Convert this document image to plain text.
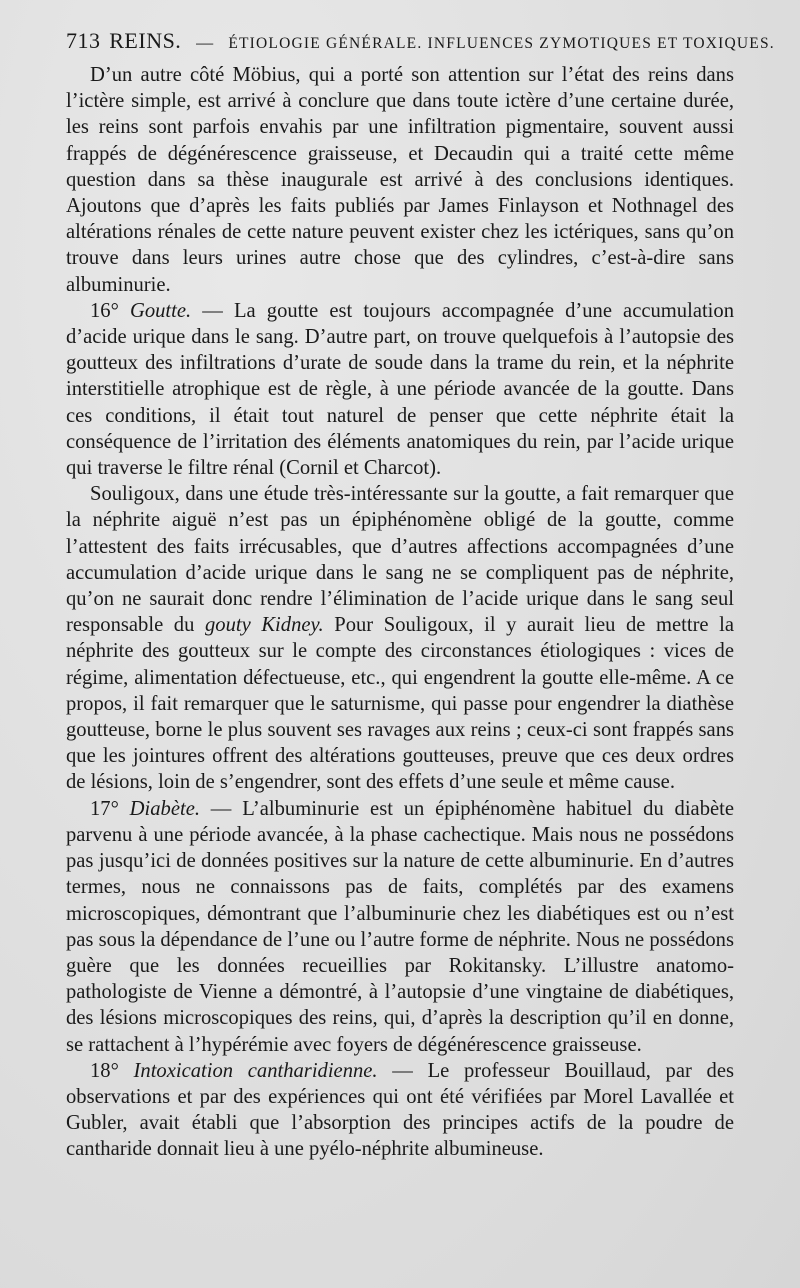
713 REINS. — ÉTIOLOGIE GÉNÉRALE. INFLUENCES ZYMOTIQUES ET TOXIQUES.

D’un autre côté Möbius, qui a porté son attention sur l’état des reins dans l’ictère simple, est arrivé à conclure que dans toute ictère d’une certaine durée, les reins sont parfois envahis par une infiltration pigmentaire, souvent aussi frappés de dégénérescence graisseuse, et Decaudin qui a traité cette même question dans sa thèse inaugurale est arrivé à des conclusions identiques. Ajoutons que d’après les faits publiés par James Finlayson et Nothnagel des altérations rénales de cette nature peuvent exister chez les ictériques, sans qu’on trouve dans leurs urines autre chose que des cylindres, c’est-à-dire sans albuminurie.

16° Goutte. — La goutte est toujours accompagnée d’une accumulation d’acide urique dans le sang. D’autre part, on trouve quelquefois à l’autopsie des goutteux des infiltrations d’urate de soude dans la trame du rein, et la néphrite interstitielle atrophique est de règle, à une période avancée de la goutte. Dans ces conditions, il était tout naturel de penser que cette néphrite était la conséquence de l’irritation des éléments anatomiques du rein, par l’acide urique qui traverse le filtre rénal (Cornil et Charcot).

Souligoux, dans une étude très-intéressante sur la goutte, a fait remarquer que la néphrite aiguë n’est pas un épiphénomène obligé de la goutte, comme l’attestent des faits irrécusables, que d’autres affections accompagnées d’une accumulation d’acide urique dans le sang ne se compliquent pas de néphrite, qu’on ne saurait donc rendre l’élimination de l’acide urique dans le sang seul responsable du gouty Kidney. Pour Souligoux, il y aurait lieu de mettre la néphrite des goutteux sur le compte des circonstances étiologiques : vices de régime, alimentation défectueuse, etc., qui engendrent la goutte elle-même. A ce propos, il fait remarquer que le saturnisme, qui passe pour engendrer la diathèse goutteuse, borne le plus souvent ses ravages aux reins ; ceux-ci sont frappés sans que les jointures offrent des altérations goutteuses, preuve que ces deux ordres de lésions, loin de s’engendrer, sont des effets d’une seule et même cause.

17° Diabète. — L’albuminurie est un épiphénomène habituel du diabète parvenu à une période avancée, à la phase cachectique. Mais nous ne possédons pas jusqu’ici de données positives sur la nature de cette albuminurie. En d’autres termes, nous ne connaissons pas de faits, complétés par des examens microscopiques, démontrant que l’albuminurie chez les diabétiques est ou n’est pas sous la dépendance de l’une ou l’autre forme de néphrite. Nous ne possédons guère que les données recueillies par Rokitansky. L’illustre anatomo-pathologiste de Vienne a démontré, à l’autopsie d’une vingtaine de diabétiques, des lésions microscopiques des reins, qui, d’après la description qu’il en donne, se rattachent à l’hypérémie avec foyers de dégénérescence graisseuse.

18° Intoxication cantharidienne. — Le professeur Bouillaud, par des observations et par des expériences qui ont été vérifiées par Morel Lavallée et Gubler, avait établi que l’absorption des principes actifs de la poudre de cantharide donnait lieu à une pyélo-néphrite albumineuse.
